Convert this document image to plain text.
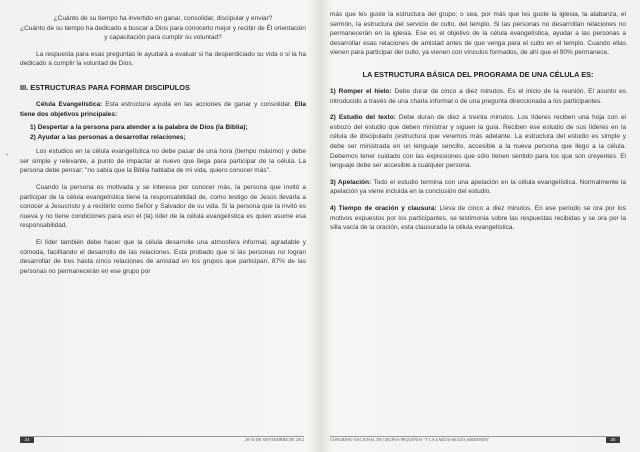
¿Cuánto de su tiempo ha invertido en ganar, consolidar, discipular y enviar?

¿Cuánto de su tiempo ha dedicado a buscar a Dios para conocerlo mejor y recibir de Él orientación y capacitación para cumplir su voluntad?

La respuesta para esas preguntas le ayudará a evaluar si ha desperdiciado su vida o si la ha dedicado a cumplir la voluntad de Dios.

III. ESTRUCTURAS PARA FORMAR DISCIPULOS

Célula Evangelística: Esta estructura ayuda en las acciones de ganar y consolidar. Ella tiene dos objetivos principales:

1) Despertar a la persona para atender a la palabra de Dios (la Biblia);
2) Ayudar a las personas a desarrollar relaciones;

Los estudios en la célula evangelística no debe pasar de una hora (tiempo máximo) y debe ser simple y relevante, a punto de impactar al nuevo que llega para participar de la célula. La persona debe pensar: "no sabía que la Biblia hablaba de mi vida, quiero conocer más".

Cuando la persona es motivada y se interesa por conocer más, la persona que invitó a participar de la célula evangelística tiene la responsabilidad de, como testigo de Jesús llevarla a conocer a Jesucristo y a recibirlo como Señor y Salvador de su vida. Si la persona que la invitó es nueva y no tiene condiciones para eso el (la) líder de la célula evangelística es quien asume esa responsabilidad.

El líder también debe hacer que la célula desarrolle una atmosfera informal, agradable y cómoda, facilitando el desarrollo de las relaciones. Esta probado que si las personas no logran desarrollar de tres hasta cinco relaciones de amistad en los grupos que participan, 87% de las personas no permanecerán en ese grupo por

•
24	28-30 DE SEPTIEMBRE DE 2012

más que les guste la estructura del grupo; o sea, por más que les guste la iglesia, la alabanza, el sermón, la estructura del servicio de culto, del templo. Si las personas no desarrollan relaciones no permanecerán en la iglesia. Ese es el objetivo de la célula evangelística, ayudar a las personas a desarrollar esas relaciones de amistad antes de que venga para el culto en el templo. Cuando ellas vienen para participar del culto, ya vienen con vínculos formados, de ahí que el 90% permanece.

LA ESTRUCTURA BÁSICA DEL PROGRAMA DE UNA CÉLULA ES:

1) Romper el hielo: Debe durar de cinco a diez minutos. Es el inicio de la reunión. El asunto es introducido a través de una charla informal o de una pregunta direccionada a los participantes.

2) Estudio del texto: Debe duran de diez a treinta minutos. Los líderes reciben una hoja con el esbozo del estudio que deben ministrar y siguen la guía. Reciben ese estudio de sus líderes en la célula de discipulado (estructura que veremos más adelante. La estructura del estudio es simple y debe ser ministrada en un lenguaje sencillo, accesible a la nueva persona que llego a la célula. Debemos tener cuidado con las expresiones que sólo tienen sentido para los que son creyentes. El lenguaje debe ser accesible a cualquier persona.

3) Apelación: Todo el estudio termina con una apelación en la célula evangelística. Normalmente la apelación ya viene incluida en la conclusión del estudio.

4) Tiempo de oración y clausura: Lleva de cinco a diez minutos. En ese periodo se ora por los motivos expuestos por los participantes, se testimonia sobre las respuestas recibidas y se ora por la silla vacía de la oración, esta clausurada la célula evangelística.

CONGRESO NACIONAL DE GRUPOS PEQUEÑOS "Y LA ZARZA SEGUÍA ARDIENDO"	25
